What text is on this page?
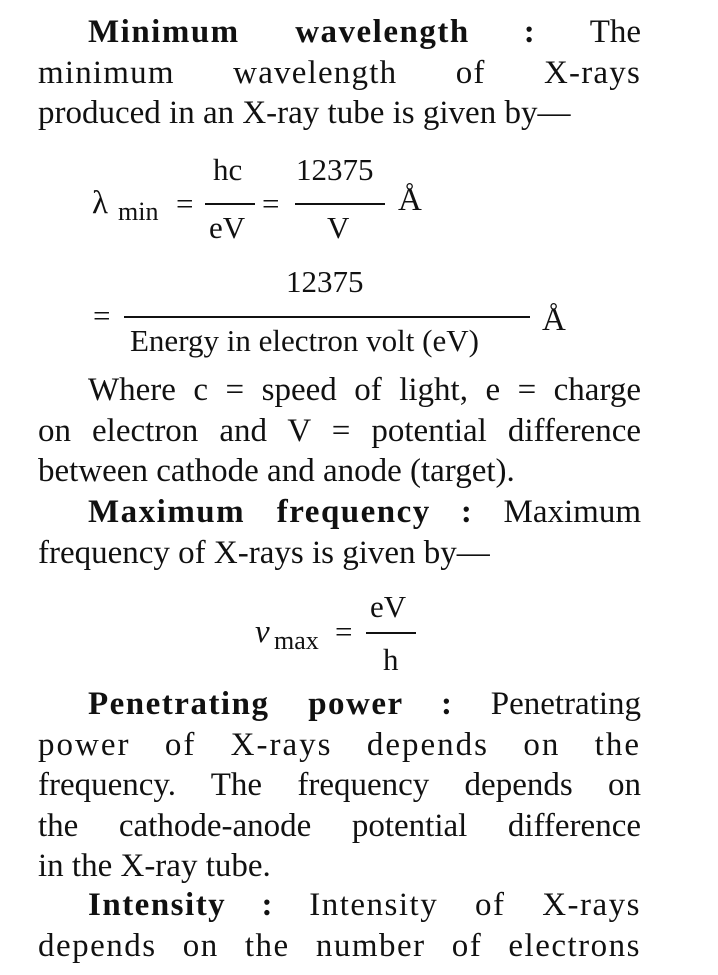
Minimum wavelength : The
minimum wavelength of X-rays
produced in an X-ray tube is given by—

λ min =
hc
eV
=
12375
V
Å
=
12375
Energy in electron volt (eV)
Å

Where c = speed of light, e = charge
on electron and V = potential difference
between cathode and anode (target).

Maximum frequency : Maximum
frequency of X-rays is given by—

v max =
eV
h

Penetrating power : Penetrating
power of X-rays depends on the
frequency. The frequency depends on
the cathode-anode potential difference
in the X-ray tube.

Intensity : Intensity of X-rays
depends on the number of electrons
